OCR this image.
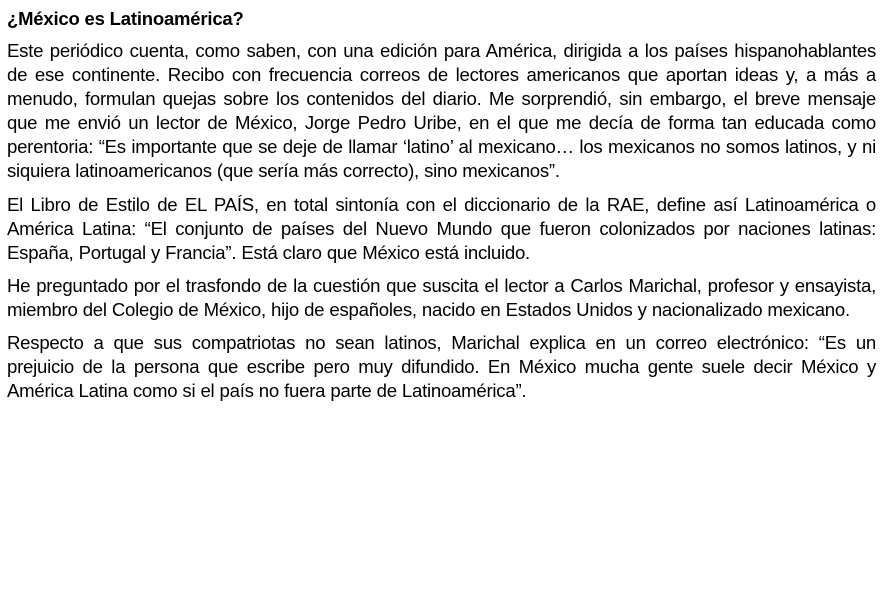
¿México es Latinoamérica?

Este periódico cuenta, como saben, con una edición para América, dirigida a los países hispanohablantes de ese continente. Recibo con frecuencia correos de lectores americanos que aportan ideas y, a más a menudo, formulan quejas sobre los contenidos del diario. Me sorprendió, sin embargo, el breve mensaje que me envió un lector de México, Jorge Pedro Uribe, en el que me decía de forma tan educada como perentoria: “Es importante que se deje de llamar ‘latino’ al mexicano… los mexicanos no somos latinos, y ni siquiera latinoamericanos (que sería más correcto), sino mexicanos”.

El Libro de Estilo de EL PAÍS, en total sintonía con el diccionario de la RAE, define así Latinoamérica o América Latina: “El conjunto de países del Nuevo Mundo que fueron colonizados por naciones latinas: España, Portugal y Francia”. Está claro que México está incluido.

He preguntado por el trasfondo de la cuestión que suscita el lector a Carlos Marichal, profesor y ensayista, miembro del Colegio de México, hijo de españoles, nacido en Estados Unidos y nacionalizado mexicano.

Respecto a que sus compatriotas no sean latinos, Marichal explica en un correo electrónico: “Es un prejuicio de la persona que escribe pero muy difundido. En México mucha gente suele decir México y América Latina como si el país no fuera parte de Latinoamérica”.
